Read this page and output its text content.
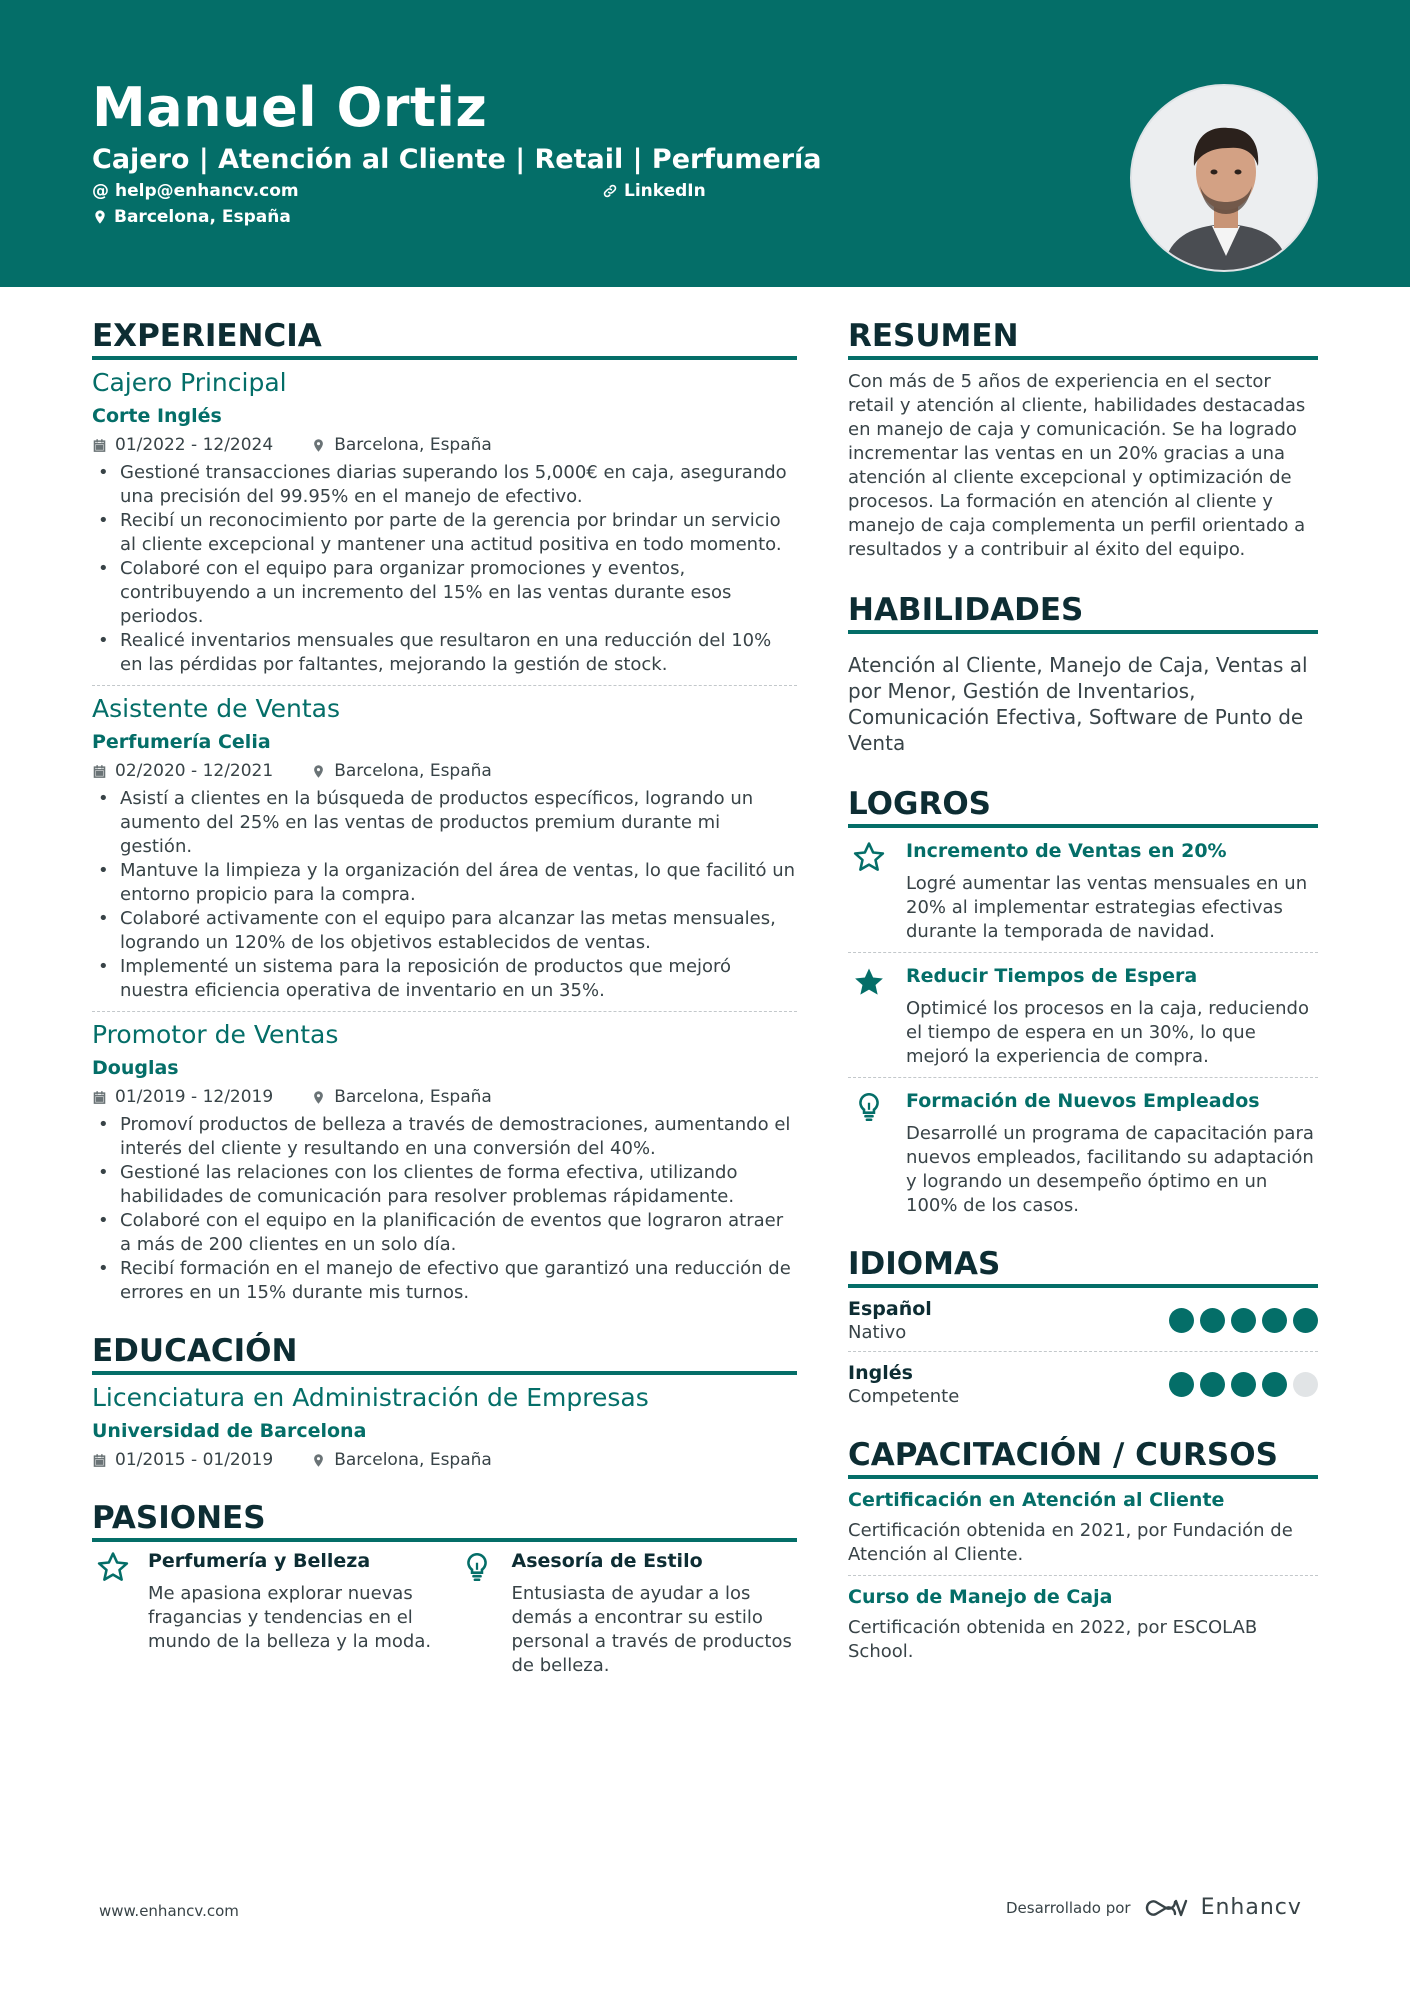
Manuel Ortiz
Cajero | Atención al Cliente | Retail | Perfumería
@ help@enhancv.com	LinkedIn
Barcelona, España
EXPERIENCIA
Cajero Principal
Corte Inglés
01/2022 - 12/2024	Barcelona, España
• Gestioné transacciones diarias superando los 5,000€ en caja, asegurando una precisión del 99.95% en el manejo de efectivo.
• Recibí un reconocimiento por parte de la gerencia por brindar un servicio al cliente excepcional y mantener una actitud positiva en todo momento.
• Colaboré con el equipo para organizar promociones y eventos, contribuyendo a un incremento del 15% en las ventas durante esos periodos.
• Realicé inventarios mensuales que resultaron en una reducción del 10% en las pérdidas por faltantes, mejorando la gestión de stock.
Asistente de Ventas
Perfumería Celia
02/2020 - 12/2021	Barcelona, España
• Asistí a clientes en la búsqueda de productos específicos, logrando un aumento del 25% en las ventas de productos premium durante mi gestión.
• Mantuve la limpieza y la organización del área de ventas, lo que facilitó un entorno propicio para la compra.
• Colaboré activamente con el equipo para alcanzar las metas mensuales, logrando un 120% de los objetivos establecidos de ventas.
• Implementé un sistema para la reposición de productos que mejoró nuestra eficiencia operativa de inventario en un 35%.
Promotor de Ventas
Douglas
01/2019 - 12/2019	Barcelona, España
• Promoví productos de belleza a través de demostraciones, aumentando el interés del cliente y resultando en una conversión del 40%.
• Gestioné las relaciones con los clientes de forma efectiva, utilizando habilidades de comunicación para resolver problemas rápidamente.
• Colaboré con el equipo en la planificación de eventos que lograron atraer a más de 200 clientes en un solo día.
• Recibí formación en el manejo de efectivo que garantizó una reducción de errores en un 15% durante mis turnos.
EDUCACIÓN
Licenciatura en Administración de Empresas
Universidad de Barcelona
01/2015 - 01/2019	Barcelona, España
PASIONES
Perfumería y Belleza
Me apasiona explorar nuevas fragancias y tendencias en el mundo de la belleza y la moda.
Asesoría de Estilo
Entusiasta de ayudar a los demás a encontrar su estilo personal a través de productos de belleza.
RESUMEN
Con más de 5 años de experiencia en el sector retail y atención al cliente, habilidades destacadas en manejo de caja y comunicación. Se ha logrado incrementar las ventas en un 20% gracias a una atención al cliente excepcional y optimización de procesos. La formación en atención al cliente y manejo de caja complementa un perfil orientado a resultados y a contribuir al éxito del equipo.
HABILIDADES
Atención al Cliente, Manejo de Caja, Ventas al por Menor, Gestión de Inventarios, Comunicación Efectiva, Software de Punto de Venta
LOGROS
Incremento de Ventas en 20%
Logré aumentar las ventas mensuales en un 20% al implementar estrategias efectivas durante la temporada de navidad.
Reducir Tiempos de Espera
Optimicé los procesos en la caja, reduciendo el tiempo de espera en un 30%, lo que mejoró la experiencia de compra.
Formación de Nuevos Empleados
Desarrollé un programa de capacitación para nuevos empleados, facilitando su adaptación y logrando un desempeño óptimo en un 100% de los casos.
IDIOMAS
Español
Nativo
Inglés
Competente
CAPACITACIÓN / CURSOS
Certificación en Atención al Cliente
Certificación obtenida en 2021, por Fundación de Atención al Cliente.
Curso de Manejo de Caja
Certificación obtenida en 2022, por ESCOLAB School.
www.enhancv.com	Desarrollado por	Enhancv
